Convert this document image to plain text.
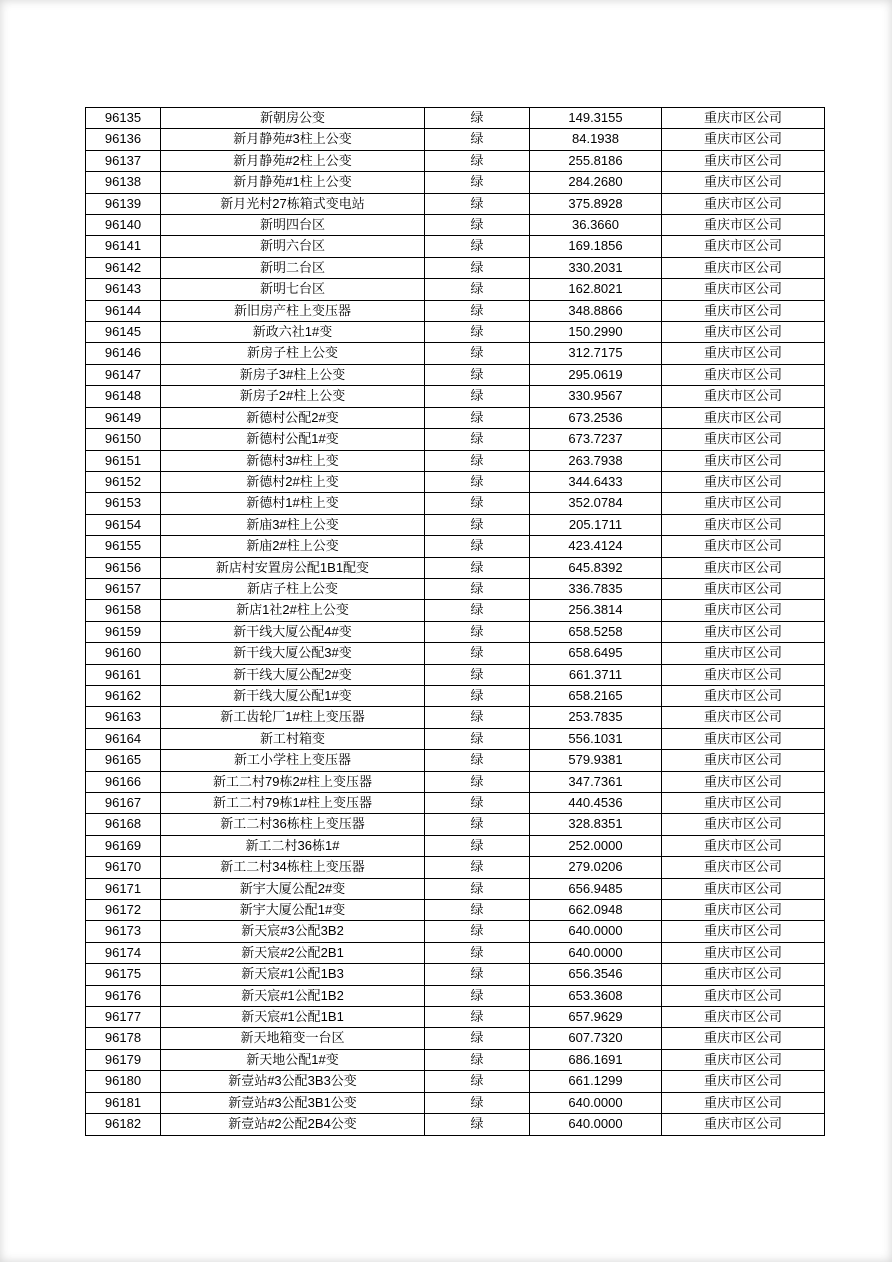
96135	新朝房公变	绿	149.3155	重庆市区公司
96136	新月静苑#3柱上公变	绿	84.1938	重庆市区公司
96137	新月静苑#2柱上公变	绿	255.8186	重庆市区公司
96138	新月静苑#1柱上公变	绿	284.2680	重庆市区公司
96139	新月光村27栋箱式变电站	绿	375.8928	重庆市区公司
96140	新明四台区	绿	36.3660	重庆市区公司
96141	新明六台区	绿	169.1856	重庆市区公司
96142	新明二台区	绿	330.2031	重庆市区公司
96143	新明七台区	绿	162.8021	重庆市区公司
96144	新旧房产柱上变压器	绿	348.8866	重庆市区公司
96145	新政六社1#变	绿	150.2990	重庆市区公司
96146	新房子柱上公变	绿	312.7175	重庆市区公司
96147	新房子3#柱上公变	绿	295.0619	重庆市区公司
96148	新房子2#柱上公变	绿	330.9567	重庆市区公司
96149	新德村公配2#变	绿	673.2536	重庆市区公司
96150	新德村公配1#变	绿	673.7237	重庆市区公司
96151	新德村3#柱上变	绿	263.7938	重庆市区公司
96152	新德村2#柱上变	绿	344.6433	重庆市区公司
96153	新德村1#柱上变	绿	352.0784	重庆市区公司
96154	新庙3#柱上公变	绿	205.1711	重庆市区公司
96155	新庙2#柱上公变	绿	423.4124	重庆市区公司
96156	新店村安置房公配1B1配变	绿	645.8392	重庆市区公司
96157	新店子柱上公变	绿	336.7835	重庆市区公司
96158	新店1社2#柱上公变	绿	256.3814	重庆市区公司
96159	新干线大厦公配4#变	绿	658.5258	重庆市区公司
96160	新干线大厦公配3#变	绿	658.6495	重庆市区公司
96161	新干线大厦公配2#变	绿	661.3711	重庆市区公司
96162	新干线大厦公配1#变	绿	658.2165	重庆市区公司
96163	新工齿轮厂1#柱上变压器	绿	253.7835	重庆市区公司
96164	新工村箱变	绿	556.1031	重庆市区公司
96165	新工小学柱上变压器	绿	579.9381	重庆市区公司
96166	新工二村79栋2#柱上变压器	绿	347.7361	重庆市区公司
96167	新工二村79栋1#柱上变压器	绿	440.4536	重庆市区公司
96168	新工二村36栋柱上变压器	绿	328.8351	重庆市区公司
96169	新工二村36栋1#	绿	252.0000	重庆市区公司
96170	新工二村34栋柱上变压器	绿	279.0206	重庆市区公司
96171	新宇大厦公配2#变	绿	656.9485	重庆市区公司
96172	新宇大厦公配1#变	绿	662.0948	重庆市区公司
96173	新天宸#3公配3B2	绿	640.0000	重庆市区公司
96174	新天宸#2公配2B1	绿	640.0000	重庆市区公司
96175	新天宸#1公配1B3	绿	656.3546	重庆市区公司
96176	新天宸#1公配1B2	绿	653.3608	重庆市区公司
96177	新天宸#1公配1B1	绿	657.9629	重庆市区公司
96178	新天地箱变一台区	绿	607.7320	重庆市区公司
96179	新天地公配1#变	绿	686.1691	重庆市区公司
96180	新壹站#3公配3B3公变	绿	661.1299	重庆市区公司
96181	新壹站#3公配3B1公变	绿	640.0000	重庆市区公司
96182	新壹站#2公配2B4公变	绿	640.0000	重庆市区公司
